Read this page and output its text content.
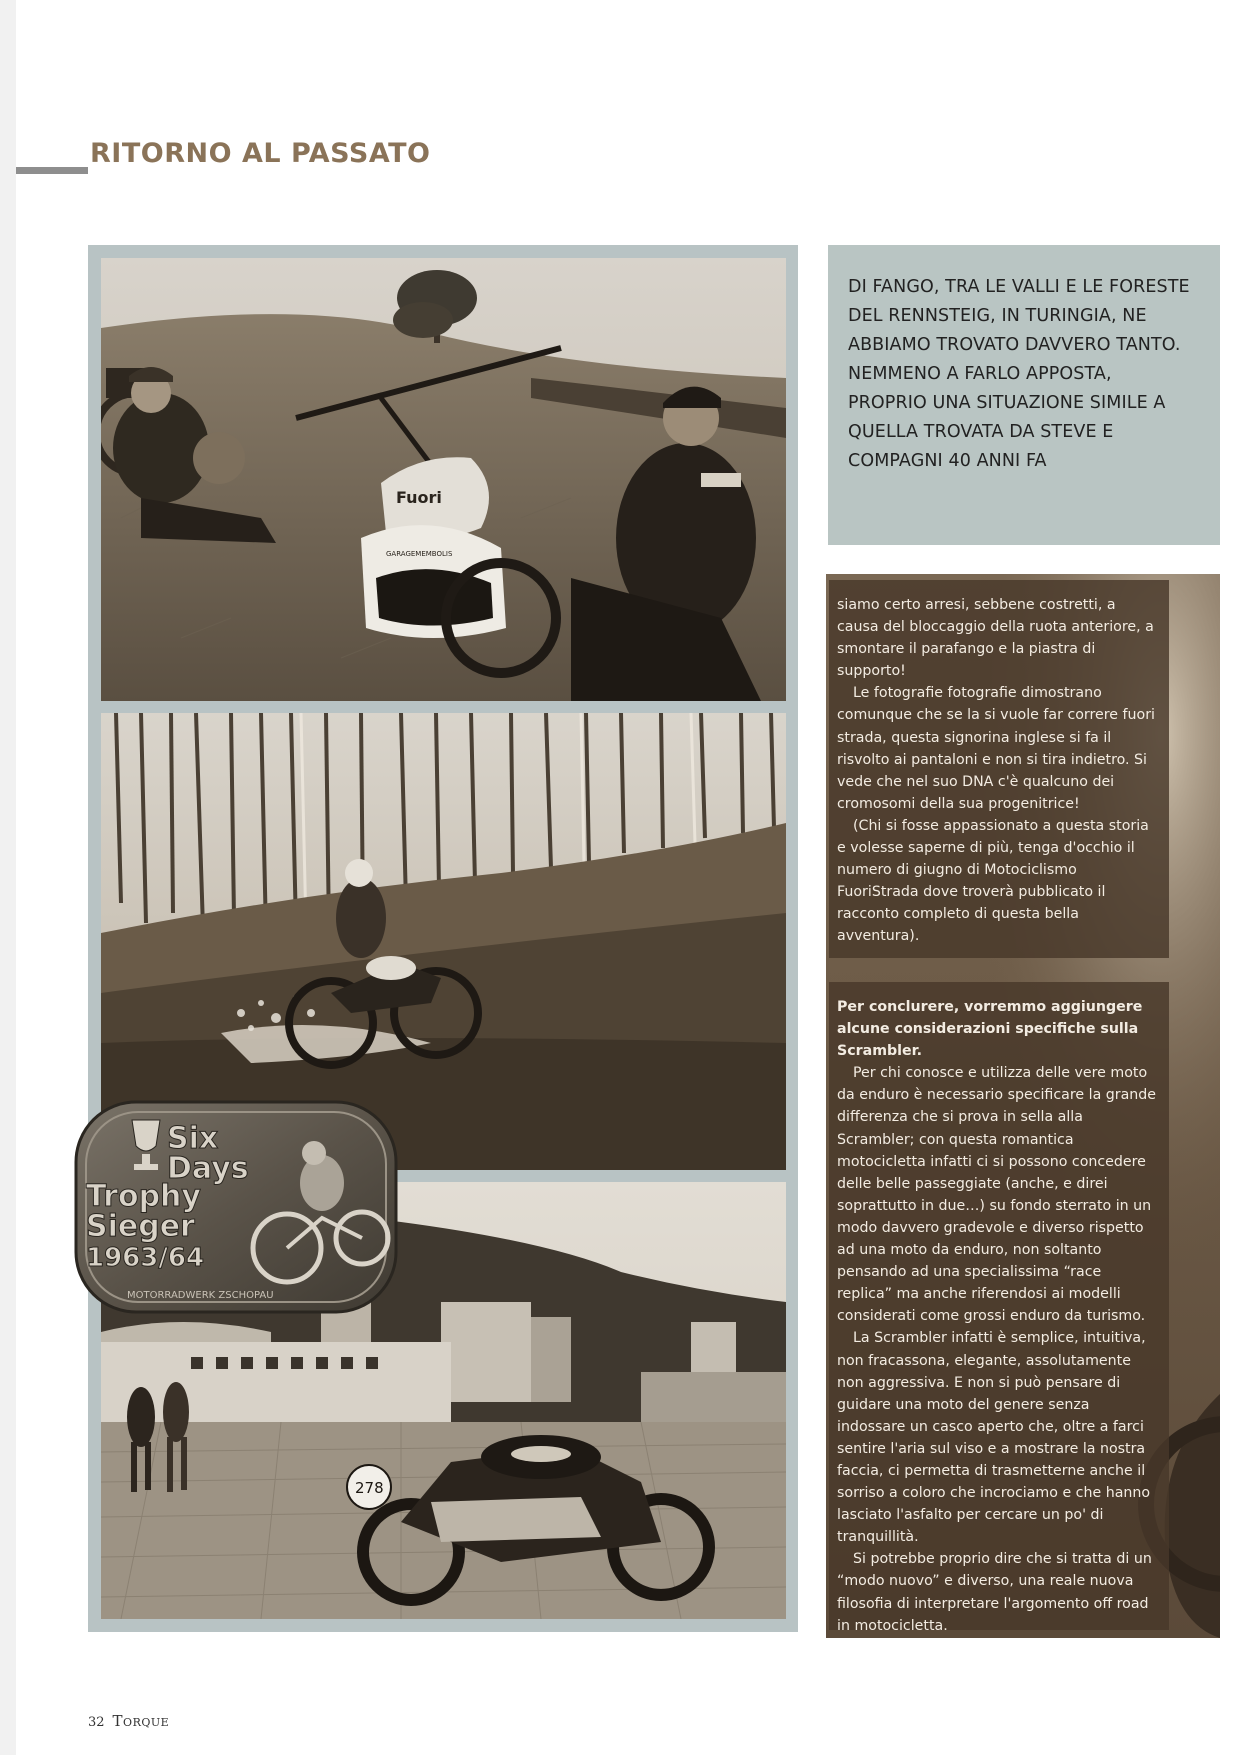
RITORNO AL PASSATO
Fuori
GARAGEMEMBOLIS
278
Six
Days
Trophy
Sieger
1963/64
MOTORRADWERK ZSCHOPAU

DI FANGO, TRA LE VALLI E LE FORESTE DEL RENNSTEIG, IN TURINGIA, NE ABBIAMO TROVATO DAVVERO TANTO. NEMMENO A FARLO APPOSTA, PROPRIO UNA SITUAZIONE SIMILE A QUELLA TROVATA DA STEVE E COMPAGNI 40 ANNI FA

siamo certo arresi, sebbene costretti, a causa del bloccaggio della ruota anteriore, a smontare il parafango e la piastra di supporto!

Le fotografie fotografie dimostrano comunque che se la si vuole far correre fuori strada, questa signorina inglese si fa il risvolto ai pantaloni e non si tira indietro. Si vede che nel suo DNA c'è qualcuno dei cromosomi della sua progenitrice!

(Chi si fosse appassionato a questa storia e volesse saperne di più, tenga d'occhio il numero di giugno di Motociclismo FuoriStrada dove troverà pubblicato il racconto completo di questa bella avventura).

Per conclurere, vorremmo aggiungere alcune considerazioni specifiche sulla Scrambler.

Per chi conosce e utilizza delle vere moto da enduro è necessario specificare la grande differenza che si prova in sella alla Scrambler; con questa romantica motocicletta infatti ci si possono concedere delle belle passeggiate (anche, e direi soprattutto in due…) su fondo sterrato in un modo davvero gradevole e diverso rispetto ad una moto da enduro, non soltanto pensando ad una specialissima “race replica” ma anche riferendosi ai modelli considerati come grossi enduro da turismo.

La Scrambler infatti è semplice, intuitiva, non fracassona, elegante, assolutamente non aggressiva. E non si può pensare di guidare una moto del genere senza indossare un casco aperto che, oltre a farci sentire l'aria sul viso e a mostrare la nostra faccia, ci permetta di trasmetterne anche il sorriso a coloro che incrociamo e che hanno lasciato l'asfalto per cercare un po' di tranquillità.

Si potrebbe proprio dire che si tratta di un “modo nuovo” e diverso, una reale nuova filosofia di interpretare l'argomento off road in motocicletta.

32 Torque
